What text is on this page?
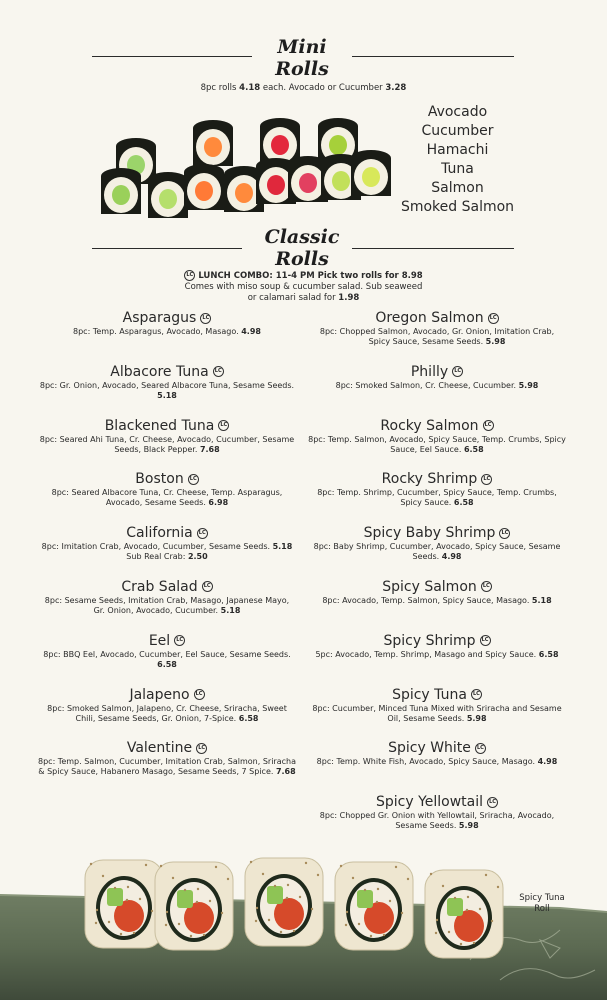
Mini
Rolls
8pc rolls 4.18 each. Avocado or Cucumber 3.28
Avocado
Cucumber
Hamachi
Tuna
Salmon
Smoked Salmon
Classic
Rolls
LC LUNCH COMBO: 11-4 PM Pick two rolls for 8.98
Comes with miso soup & cucumber salad. Sub seaweed
or calamari salad for 1.98
Asparagus LC
8pc: Temp. Asparagus, Avocado, Masago. 4.98
Albacore Tuna LC
8pc: Gr. Onion, Avocado, Seared Albacore Tuna, Sesame Seeds. 5.18
Blackened Tuna LC
8pc: Seared Ahi Tuna, Cr. Cheese, Avocado, Cucumber, Sesame Seeds, Black Pepper. 7.68
Boston LC
8pc: Seared Albacore Tuna, Cr. Cheese, Temp. Asparagus, Avocado, Sesame Seeds. 6.98
California LC
8pc: Imitation Crab, Avocado, Cucumber, Sesame Seeds. 5.18 Sub Real Crab: 2.50
Crab Salad LC
8pc: Sesame Seeds, Imitation Crab, Masago, Japanese Mayo, Gr. Onion, Avocado, Cucumber. 5.18
Eel LC
8pc: BBQ Eel, Avocado, Cucumber, Eel Sauce, Sesame Seeds. 6.58
Jalapeno LC
8pc: Smoked Salmon, Jalapeno, Cr. Cheese, Sriracha, Sweet Chili, Sesame Seeds, Gr. Onion, 7-Spice. 6.58
Valentine LC
8pc: Temp. Salmon, Cucumber, Imitation Crab, Salmon, Sriracha & Spicy Sauce, Habanero Masago, Sesame Seeds, 7 Spice. 7.68
Oregon Salmon LC
8pc: Chopped Salmon, Avocado, Gr. Onion, Imitation Crab, Spicy Sauce, Sesame Seeds. 5.98
Philly LC
8pc: Smoked Salmon, Cr. Cheese, Cucumber. 5.98
Rocky Salmon LC
8pc: Temp. Salmon, Avocado, Spicy Sauce, Temp. Crumbs, Spicy Sauce, Eel Sauce. 6.58
Rocky Shrimp LC
8pc: Temp. Shrimp, Cucumber, Spicy Sauce, Temp. Crumbs, Spicy Sauce. 6.58
Spicy Baby Shrimp LC
8pc: Baby Shrimp, Cucumber, Avocado, Spicy Sauce, Sesame Seeds. 4.98
Spicy Salmon LC
8pc: Avocado, Temp. Salmon, Spicy Sauce, Masago. 5.18
Spicy Shrimp LC
5pc: Avocado, Temp. Shrimp, Masago and Spicy Sauce. 6.58
Spicy Tuna LC
8pc: Cucumber, Minced Tuna Mixed with Sriracha and Sesame Oil, Sesame Seeds. 5.98
Spicy White LC
8pc: Temp. White Fish, Avocado, Spicy Sauce, Masago. 4.98
Spicy Yellowtail LC
8pc: Chopped Gr. Onion with Yellowtail, Sriracha, Avocado, Sesame Seeds. 5.98
Spicy Tuna Roll
